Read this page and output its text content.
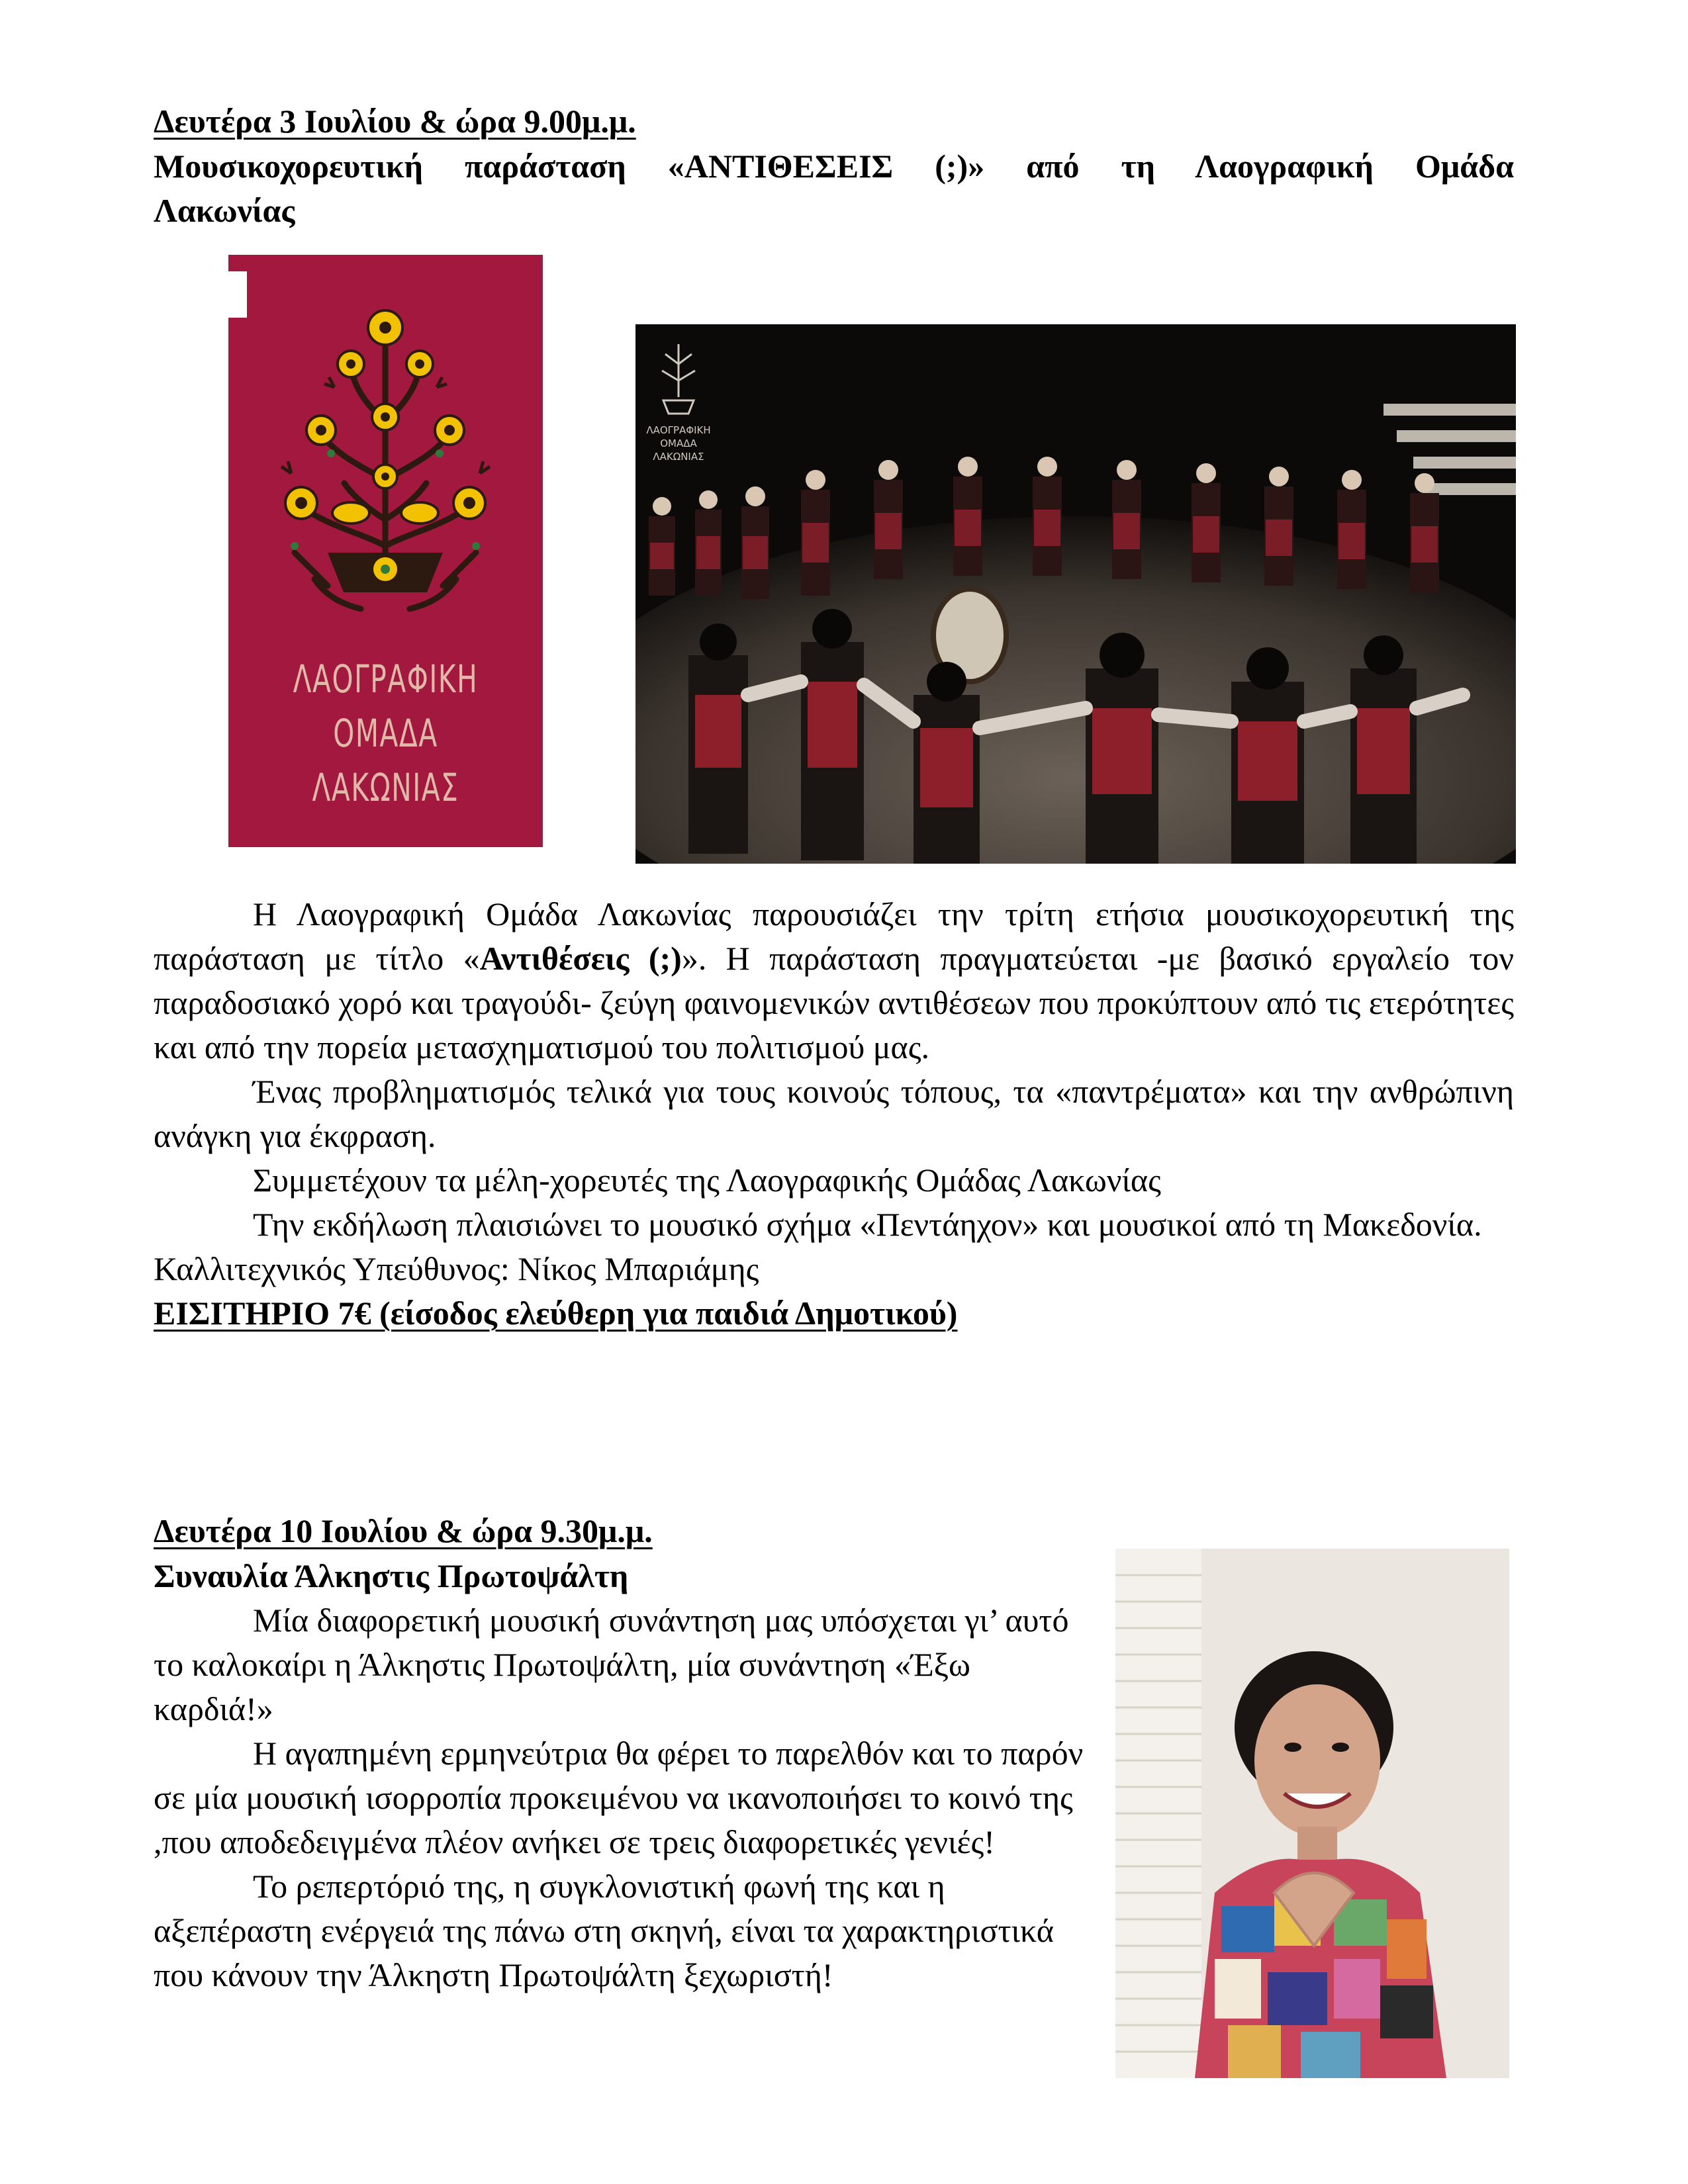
Δευτέρα 3 Ιουλίου & ώρα 9.00μ.μ.
Μουσικοχορευτική παράσταση «ΑΝΤΙΘΕΣΕΙΣ (;)» από τη Λαογραφική Ομάδα
Λακωνίας
ΛΑΟΓΡΑΦΙΚΗ
ΟΜΑΔΑ
ΛΑΚΩΝΙΑΣ
ΛΑΟΓΡΑΦΙΚΗ
ΟΜΑΔΑ
ΛΑΚΩΝΙΑΣ

Η Λαογραφική Ομάδα Λακωνίας παρουσιάζει την τρίτη ετήσια μουσικοχορευτική της παράσταση με τίτλο «Αντιθέσεις (;)». Η παράσταση πραγματεύεται -με βασικό εργαλείο τον παραδοσιακό χορό και τραγούδι- ζεύγη φαινομενικών αντιθέσεων που προκύπτουν από τις ετερότητες και από την πορεία μετασχηματισμού του πολιτισμού μας.

Ένας προβληματισμός τελικά για τους κοινούς τόπους, τα «παντρέματα» και την ανθρώπινη ανάγκη για έκφραση.

Συμμετέχουν τα μέλη-χορευτές της Λαογραφικής Ομάδας Λακωνίας

Την εκδήλωση πλαισιώνει το μουσικό σχήμα «Πεντάηχον» και μουσικοί από τη Μακεδονία.

Καλλιτεχνικός Υπεύθυνος: Νίκος Μπαριάμης

ΕΙΣΙΤΗΡΙΟ 7€ (είσοδος ελεύθερη για παιδιά Δημοτικού)

Δευτέρα 10 Ιουλίου & ώρα 9.30μ.μ.
Συναυλία Άλκηστις Πρωτοψάλτη

Μία διαφορετική μουσική συνάντηση μας υπόσχεται γι’ αυτό το καλοκαίρι η Άλκηστις Πρωτοψάλτη, μία συνάντηση «Έξω καρδιά!»

Η αγαπημένη ερμηνεύτρια θα φέρει το παρελθόν και το παρόν σε μία μουσική ισορροπία προκειμένου να ικανοποιήσει το κοινό της ,που αποδεδειγμένα πλέον ανήκει σε τρεις διαφορετικές γενιές!

Το ρεπερτόριό της, η συγκλονιστική φωνή της και η αξεπέραστη ενέργειά της πάνω στη σκηνή, είναι τα χαρακτηριστικά που κάνουν την Άλκηστη Πρωτοψάλτη ξεχωριστή!
